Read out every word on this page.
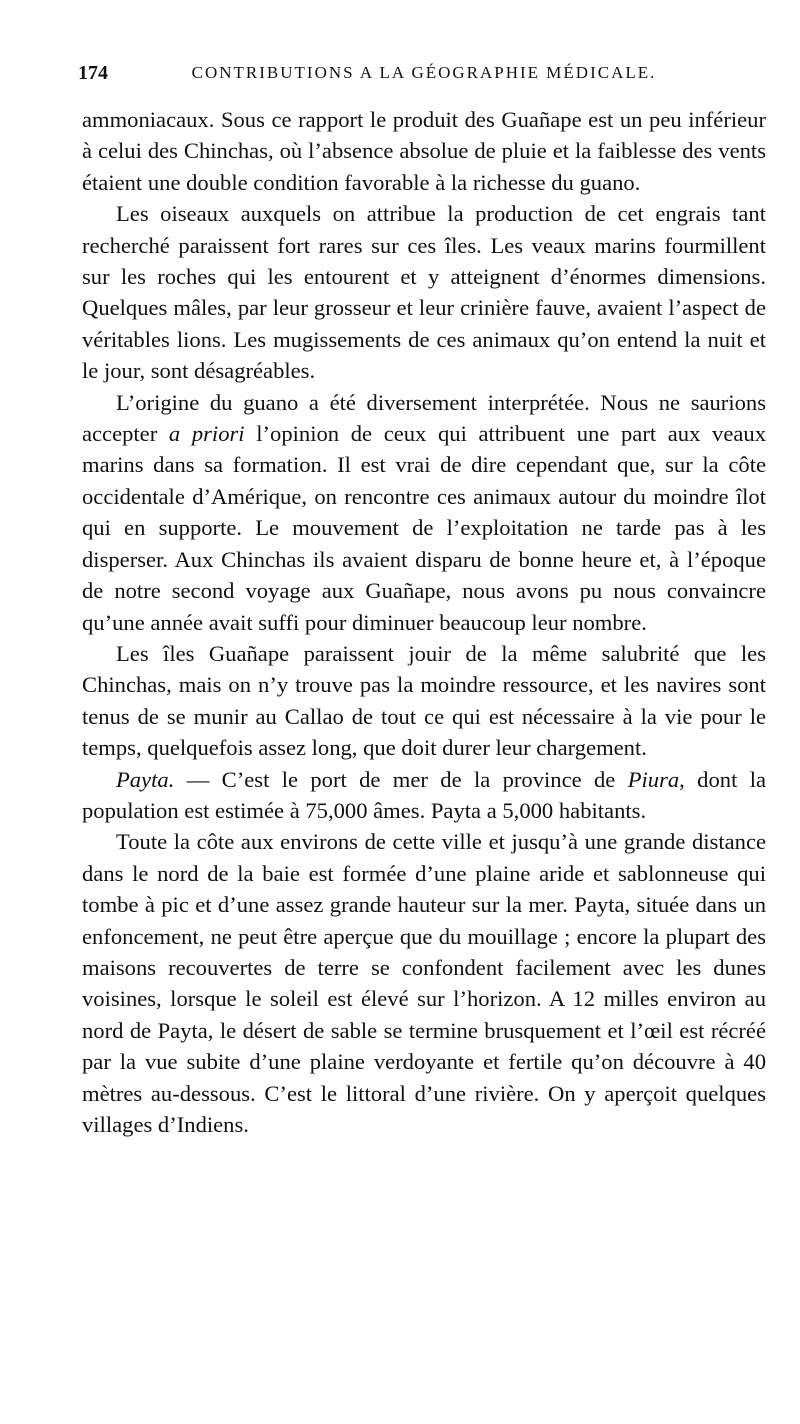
174	CONTRIBUTIONS A LA GÉOGRAPHIE MÉDICALE.

ammoniacaux. Sous ce rapport le produit des Guañape est un peu inférieur à celui des Chinchas, où l’absence absolue de pluie et la faiblesse des vents étaient une double condition favorable à la richesse du guano.

Les oiseaux auxquels on attribue la production de cet engrais tant recherché paraissent fort rares sur ces îles. Les veaux marins fourmillent sur les roches qui les entourent et y atteignent d’énormes dimensions. Quelques mâles, par leur grosseur et leur crinière fauve, avaient l’aspect de véritables lions. Les mugissements de ces animaux qu’on entend la nuit et le jour, sont désagréables.

L’origine du guano a été diversement interprétée. Nous ne saurions accepter a priori l’opinion de ceux qui attribuent une part aux veaux marins dans sa formation. Il est vrai de dire cependant que, sur la côte occidentale d’Amérique, on rencontre ces animaux autour du moindre îlot qui en supporte. Le mouvement de l’exploitation ne tarde pas à les disperser. Aux Chinchas ils avaient disparu de bonne heure et, à l’époque de notre second voyage aux Guañape, nous avons pu nous convaincre qu’une année avait suffi pour diminuer beaucoup leur nombre.

Les îles Guañape paraissent jouir de la même salubrité que les Chinchas, mais on n’y trouve pas la moindre ressource, et les navires sont tenus de se munir au Callao de tout ce qui est nécessaire à la vie pour le temps, quelquefois assez long, que doit durer leur chargement.

Payta. — C’est le port de mer de la province de Piura, dont la population est estimée à 75,000 âmes. Payta a 5,000 habitants.

Toute la côte aux environs de cette ville et jusqu’à une grande distance dans le nord de la baie est formée d’une plaine aride et sablonneuse qui tombe à pic et d’une assez grande hauteur sur la mer. Payta, située dans un enfoncement, ne peut être aperçue que du mouillage ; encore la plupart des maisons recouvertes de terre se confondent facilement avec les dunes voisines, lorsque le soleil est élevé sur l’horizon. A 12 milles environ au nord de Payta, le désert de sable se termine brusquement et l’œil est récréé par la vue subite d’une plaine verdoyante et fertile qu’on découvre à 40 mètres au-dessous. C’est le littoral d’une rivière. On y aperçoit quelques villages d’Indiens.
